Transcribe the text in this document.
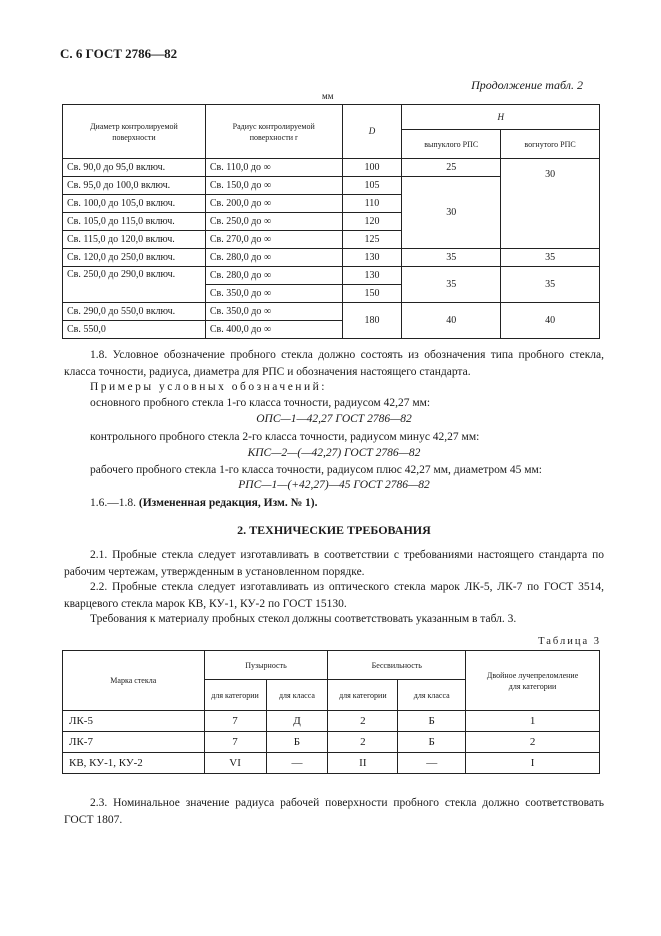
С. 6 ГОСТ 2786—82
Продолжение табл. 2
мм
Диаметр контролируемой поверхности	Радиус контролируемой поверхности r	D	H	
			выпуклого РПС	вогнутого РПС
Св. 90,0 до 95,0 включ.	Св. 110,0 до ∞	100	25	30
Св. 95,0 до 100,0 включ.	Св. 150,0 до ∞	105	30	
Св. 100,0 до 105,0 включ.	Св. 200,0 до ∞	110		
Св. 105,0 до 115,0 включ.	Св. 250,0 до ∞	120		
Св. 115,0 до 120,0 включ.	Св. 270,0 до ∞	125		
Св. 120,0 до 250,0 включ.	Св. 280,0 до ∞	130	35	35
Св. 250,0 до 290,0 включ.	Св. 280,0 до ∞	130	35	35
	Св. 350,0 до ∞	150		
Св. 290,0 до 550,0 включ.	Св. 350,0 до ∞	180	40	40
Св. 550,0	Св. 400,0 до ∞			
1.8. Условное обозначение пробного стекла должно состоять из обозначения типа пробного стекла, класса точности, радиуса, диаметра для РПС и обозначения настоящего стандарта.
Примеры условных обозначений:
основного пробного стекла 1-го класса точности, радиусом 42,27 мм:
ОПС—1—42,27 ГОСТ 2786—82
контрольного пробного стекла 2-го класса точности, радиусом минус 42,27 мм:
КПС—2—(—42,27) ГОСТ 2786—82
рабочего пробного стекла 1-го класса точности, радиусом плюс 42,27 мм, диаметром 45 мм:
РПС—1—(+42,27)—45 ГОСТ 2786—82
1.6.—1.8. (Измененная редакция, Изм. № 1).
2. ТЕХНИЧЕСКИЕ ТРЕБОВАНИЯ
2.1. Пробные стекла следует изготавливать в соответствии с требованиями настоящего стандарта по рабочим чертежам, утвержденным в установленном порядке.
2.2. Пробные стекла следует изготавливать из оптического стекла марок ЛК-5, ЛК-7 по ГОСТ 3514, кварцевого стекла марок КВ, КУ-1, КУ-2 по ГОСТ 15130.
Требования к материалу пробных стекол должны соответствовать указанным в табл. 3.
Таблица 3
Марка стекла	Пузырность		Бессвильность		Двойное лучепреломление для категории
	для категории	для класса	для категории	для класса	
ЛК-5	7	Д	2	Б	1
ЛК-7	7	Б	2	Б	2
КВ, КУ-1, КУ-2	VI	—	II	—	I
2.3. Номинальное значение радиуса рабочей поверхности пробного стекла должно соответствовать ГОСТ 1807.
